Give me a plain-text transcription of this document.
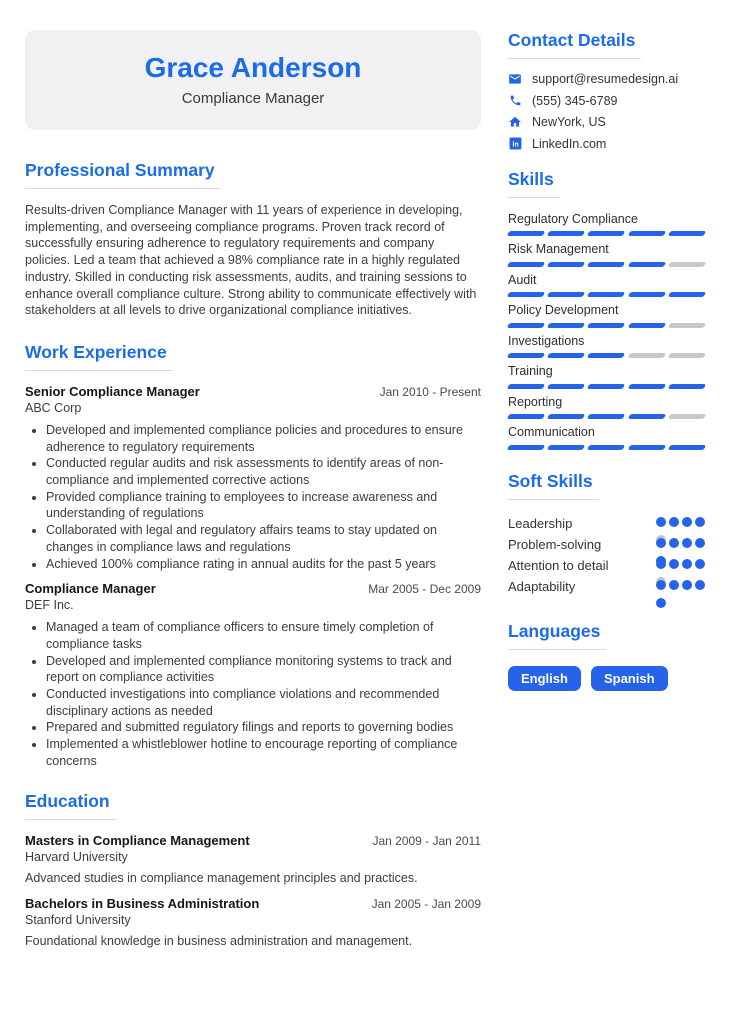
Grace Anderson
Compliance Manager
Professional Summary

Results-driven Compliance Manager with 11 years of experience in developing, implementing, and overseeing compliance programs. Proven track record of successfully ensuring adherence to regulatory requirements and company policies. Led a team that achieved a 98% compliance rate in a highly regulated industry. Skilled in conducting risk assessments, audits, and training sessions to enhance overall compliance culture. Strong ability to communicate effectively with stakeholders at all levels to drive organizational compliance initiatives.

Work Experience
Senior Compliance Manager	Jan 2010 - Present
ABC Corp
• Developed and implemented compliance policies and procedures to ensure adherence to regulatory requirements
• Conducted regular audits and risk assessments to identify areas of non-compliance and implemented corrective actions
• Provided compliance training to employees to increase awareness and understanding of regulations
• Collaborated with legal and regulatory affairs teams to stay updated on changes in compliance laws and regulations
• Achieved 100% compliance rating in annual audits for the past 5 years
Compliance Manager	Mar 2005 - Dec 2009
DEF Inc.
• Managed a team of compliance officers to ensure timely completion of compliance tasks
• Developed and implemented compliance monitoring systems to track and report on compliance activities
• Conducted investigations into compliance violations and recommended disciplinary actions as needed
• Prepared and submitted regulatory filings and reports to governing bodies
• Implemented a whistleblower hotline to encourage reporting of compliance concerns
Education
Masters in Compliance Management	Jan 2009 - Jan 2011
Harvard University
Advanced studies in compliance management principles and practices.
Bachelors in Business Administration	Jan 2005 - Jan 2009
Stanford University
Foundational knowledge in business administration and management.
Contact Details
support@resumedesign.ai
(555) 345-6789
NewYork, US
in LinkedIn.com
Skills
Regulatory Compliance
Risk Management
Audit
Policy Development
Investigations
Training
Reporting
Communication
Soft Skills
Leadership
Problem-solving
Attention to detail
Adaptability
Languages
English	Spanish
